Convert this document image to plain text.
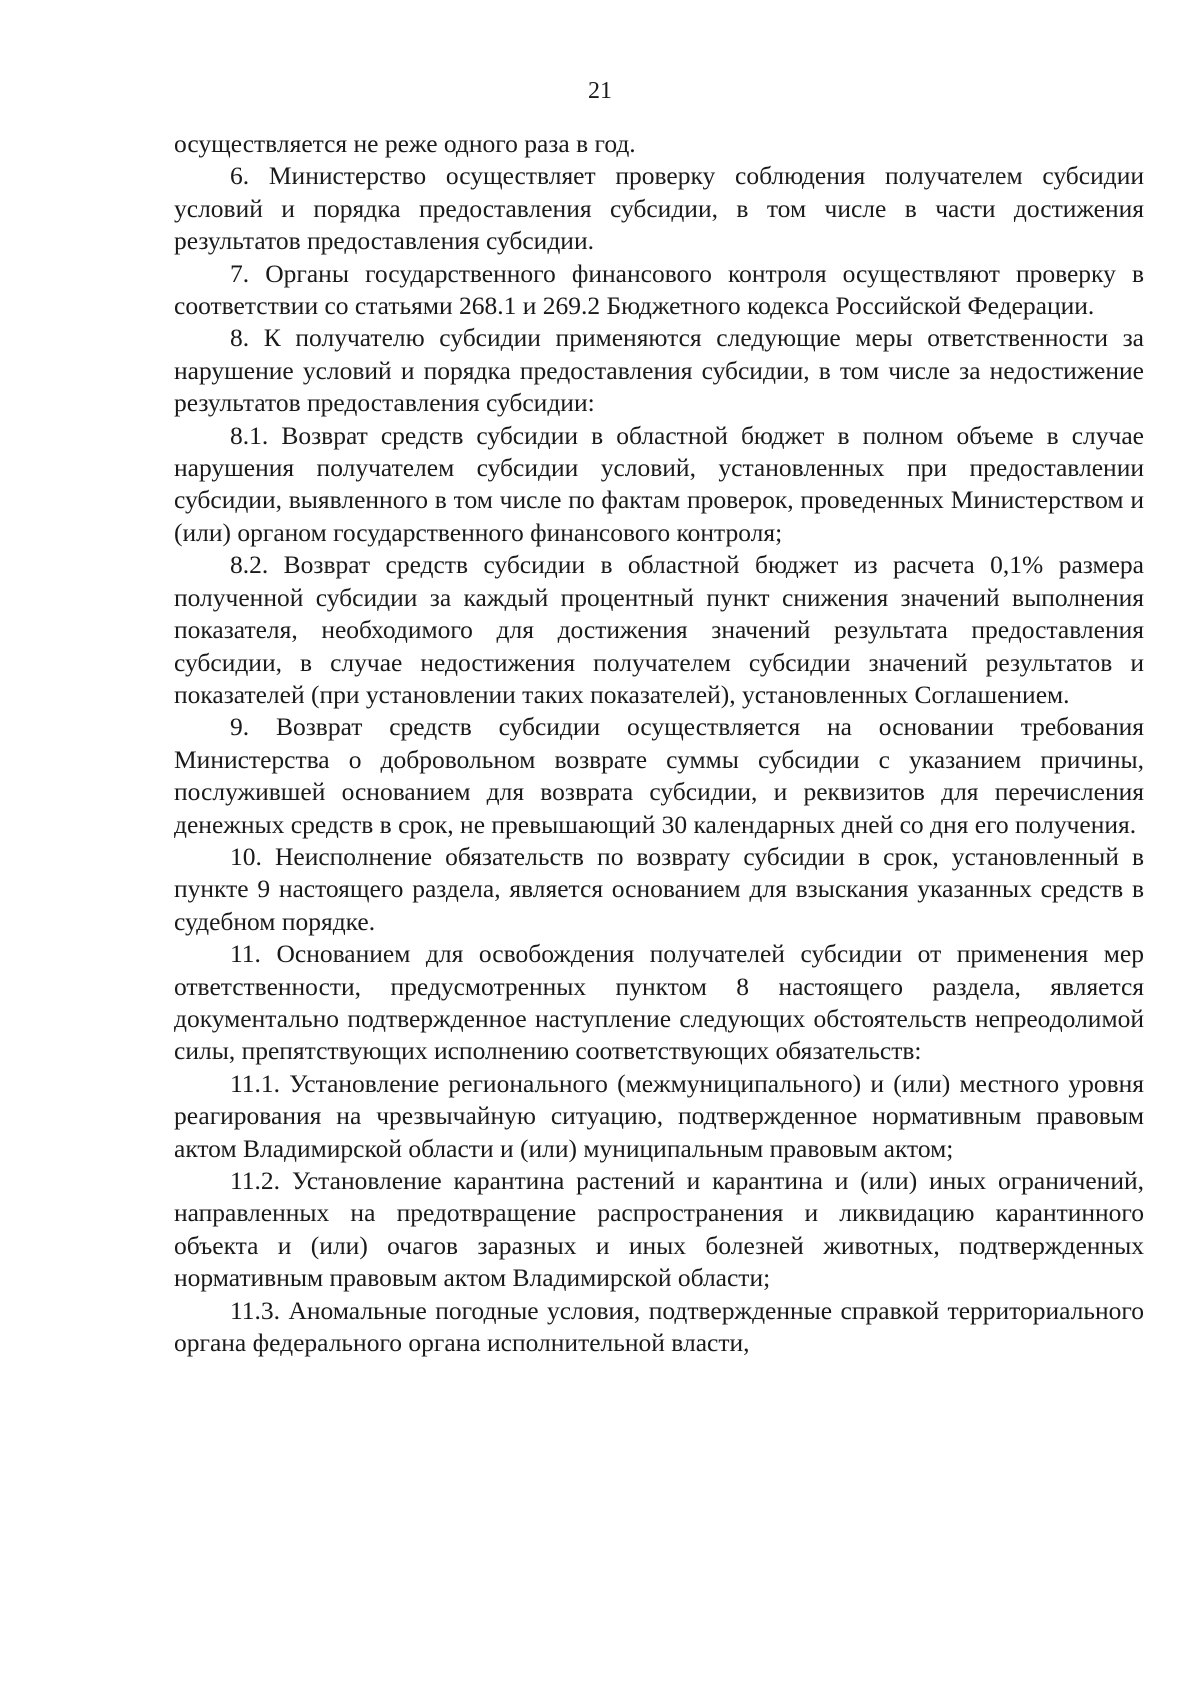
21

осуществляется не реже одного раза в год.

6. Министерство осуществляет проверку соблюдения получателем субсидии условий и порядка предоставления субсидии, в том числе в части достижения результатов предоставления субсидии.

7. Органы государственного финансового контроля осуществляют проверку в соответствии со статьями 268.1 и 269.2 Бюджетного кодекса Российской Федерации.

8. К получателю субсидии применяются следующие меры ответственности за нарушение условий и порядка предоставления субсидии, в том числе за недостижение результатов предоставления субсидии:

8.1. Возврат средств субсидии в областной бюджет в полном объеме в случае нарушения получателем субсидии условий, установленных при предоставлении субсидии, выявленного в том числе по фактам проверок, проведенных Министерством и (или) органом государственного финансового контроля;

8.2. Возврат средств субсидии в областной бюджет из расчета 0,1% размера полученной субсидии за каждый процентный пункт снижения значений выполнения показателя, необходимого для достижения значений результата предоставления субсидии, в случае недостижения получателем субсидии значений результатов и показателей (при установлении таких показателей), установленных Соглашением.

9. Возврат средств субсидии осуществляется на основании требования Министерства о добровольном возврате суммы субсидии с указанием причины, послужившей основанием для возврата субсидии, и реквизитов для перечисления денежных средств в срок, не превышающий 30 календарных дней со дня его получения.

10. Неисполнение обязательств по возврату субсидии в срок, установленный в пункте 9 настоящего раздела, является основанием для взыскания указанных средств в судебном порядке.

11. Основанием для освобождения получателей субсидии от применения мер ответственности, предусмотренных пунктом 8 настоящего раздела, является документально подтвержденное наступление следующих обстоятельств непреодолимой силы, препятствующих исполнению соответствующих обязательств:

11.1. Установление регионального (межмуниципального) и (или) местного уровня реагирования на чрезвычайную ситуацию, подтвержденное нормативным правовым актом Владимирской области и (или) муниципальным правовым актом;

11.2. Установление карантина растений и карантина и (или) иных ограничений, направленных на предотвращение распространения и ликвидацию карантинного объекта и (или) очагов заразных и иных болезней животных, подтвержденных нормативным правовым актом Владимирской области;

11.3. Аномальные погодные условия, подтвержденные справкой территориального органа федерального органа исполнительной власти,
